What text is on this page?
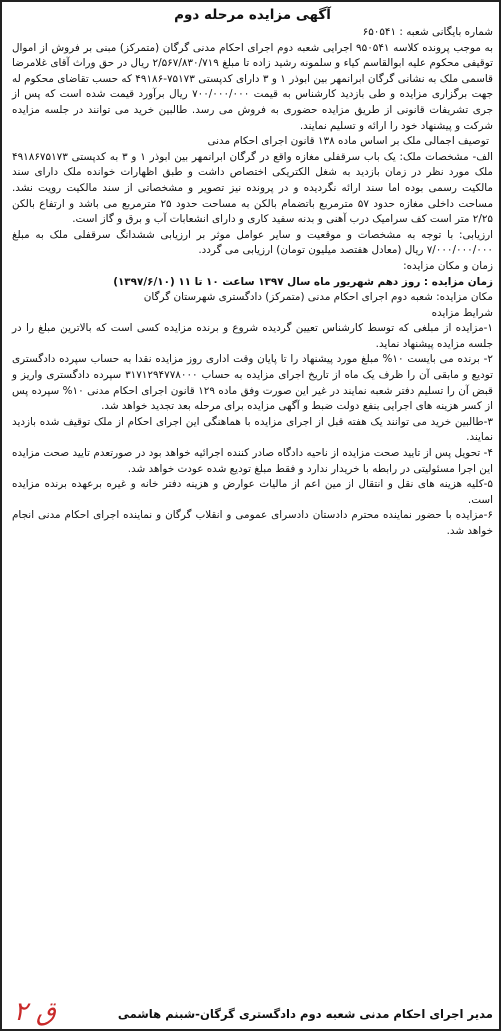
آگهی مزایده مرحله دوم

شماره بایگانی شعبه : ۶۵۰۵۴۱

به موجب پرونده کلاسه ۹۵۰۵۴۱ اجرایی شعبه دوم اجرای احکام مدنی گرگان (متمرکز) مبنی بر فروش از اموال توقیفی محکوم علیه ابوالقاسم کیاء و سلمونه رشید زاده تا مبلغ ۲/۵۶۷/۸۳۰/۷۱۹ ریال در حق وراث آقای غلامرضا قاسمی ملک به نشانی گرگان ابرانمهر بین ابوذر ۱ و ۳ دارای کدپستی ۷۵۱۷۳-۴۹۱۸۶ که حسب تقاضای محکوم له جهت برگزاری مزایده و طی بازدید کارشناس به قیمت ۷۰۰/۰۰۰/۰۰۰ ریال برآورد قیمت شده است که پس از جری تشریفات قانونی از طریق مزایده حضوری به فروش می رسد. طالبین خرید می توانند در جلسه مزایده شرکت و پیشنهاد خود را ارائه و تسلیم نمایند.

توصیف اجمالی ملک بر اساس ماده ۱۳۸ قانون اجرای احکام مدنی

الف- مشخصات ملک: یک باب سرقفلی مغازه واقع در گرگان ابرانمهر بین ابوذر ۱ و ۳ به کدپستی ۴۹۱۸۶۷۵۱۷۳ ملک مورد نظر در زمان بازدید به شغل الکتریکی اختصاص داشت و طبق اظهارات خوانده ملک دارای سند مالکیت رسمی بوده اما سند ارائه نگردیده و در پرونده نیز تصویر و مشخصاتی از سند مالکیت رویت نشد. مساحت داخلی مغازه حدود ۵۷ مترمربع باتضمام بالکن به مساحت حدود ۲۵ مترمربع می باشد و ارتفاع بالکن ۲/۲۵ متر است کف سرامیک درب آهنی و بدنه سفید کاری و دارای انشعابات آب و برق و گاز است.

ارزیابی: با توجه به مشخصات و موقعیت و سایر عوامل موثر بر ارزیابی ششدانگ سرقفلی ملک به مبلغ ۷/۰۰۰/۰۰۰/۰۰۰ ریال (معادل هفتصد میلیون تومان) ارزیابی می گردد.

زمان و مکان مزایده:

زمان مزایده : روز دهم شهریور ماه سال ۱۳۹۷ ساعت ۱۰ تا ۱۱ (۱۳۹۷/۶/۱۰)

مکان مزایده: شعبه دوم اجرای احکام مدنی (متمرکز) دادگستری شهرستان گرگان

شرایط مزایده

۱-مزایده از مبلغی که توسط کارشناس تعیین گردیده شروع و برنده مزایده کسی است که بالاترین مبلغ را در جلسه مزایده پیشنهاد نماید.

۲- برنده می بایست ۱۰% مبلغ مورد پیشنهاد را تا پایان وقت اداری روز مزایده نقدا به حساب سپرده دادگستری تودیع و مابقی آن را ظرف یک ماه از تاریخ اجرای مزایده به حساب ۳۱۷۱۲۹۴۷۷۸۰۰۰ سپرده دادگستری واریز و قبض آن را تسلیم دفتر شعبه نمایند در غیر این صورت وفق ماده ۱۲۹ قانون اجرای احکام مدنی ۱۰% سپرده پس از کسر هزینه های اجرایی بنفع دولت ضبط و آگهی مزایده برای مرحله بعد تجدید خواهد شد.

۳-طالبین خرید می توانند یک هفته قبل از اجرای مزایده با هماهنگی این اجرای احکام از ملک توقیف شده بازدید نمایند.

۴- تحویل پس از تایید صحت مزایده از ناحیه دادگاه صادر کننده اجرائیه خواهد بود در صورتعدم تایید صحت مزایده این اجرا مسئولیتی در رابطه با خریدار ندارد و فقط مبلغ تودیع شده عودت خواهد شد.

۵-کلیه هزینه های نقل و انتقال از مین اعم از مالیات عوارض و هزینه دفتر خانه و غیره برعهده برنده مزایده است.

۶-مزایده با حضور نماینده محترم دادستان دادسرای عمومی و انقلاب گرگان و نماینده اجرای احکام مدنی انجام خواهد شد.

مدیر اجرای احکام مدنی شعبه دوم دادگستری گرگان-شبنم هاشمی
ق ۲
